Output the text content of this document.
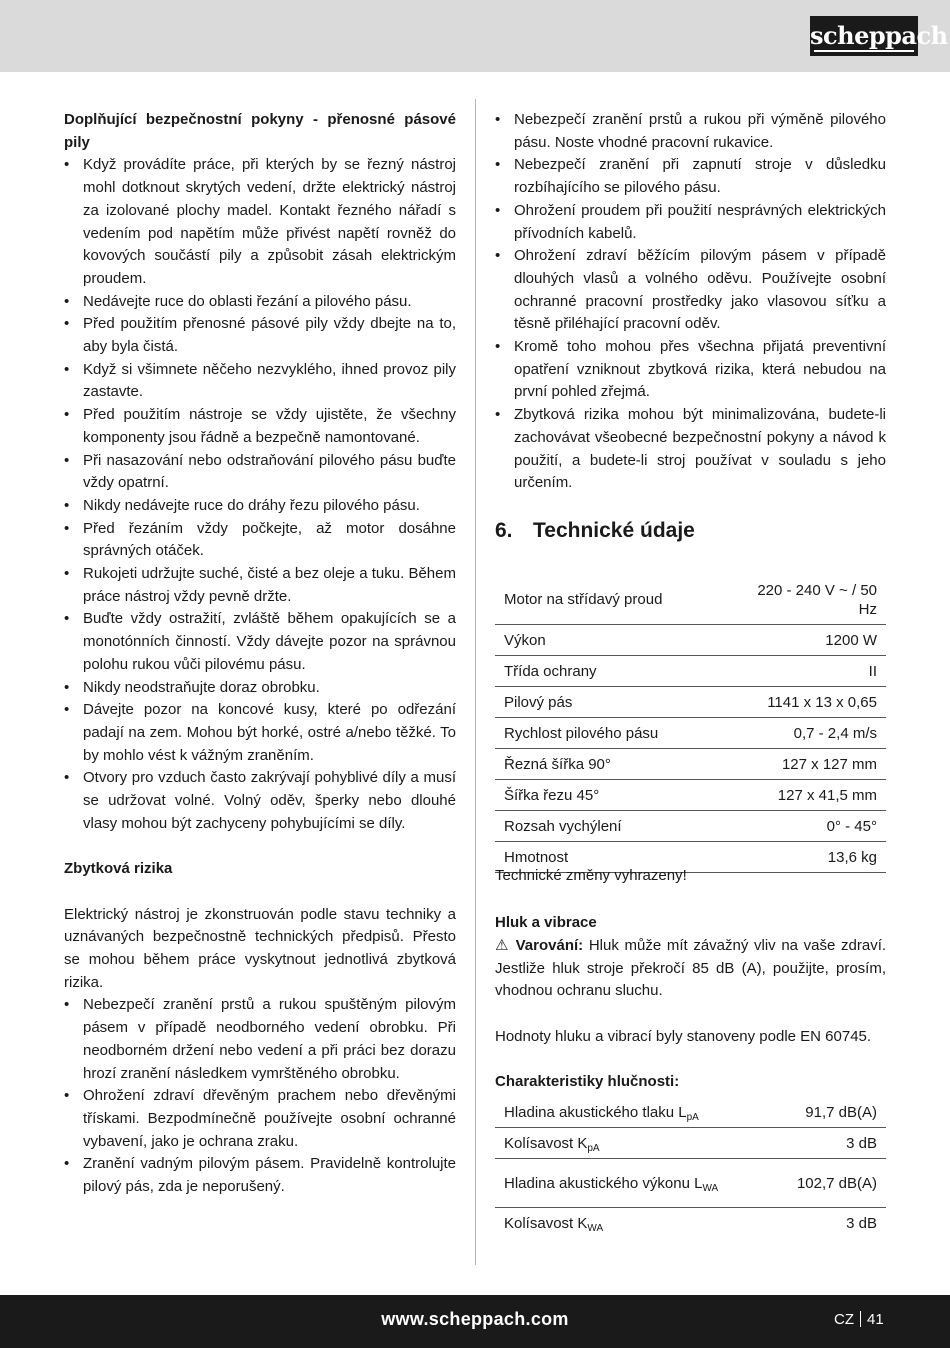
scheppach

Doplňující bezpečnostní pokyny - přenosné pásové pily

• Když provádíte práce, při kterých by se řezný nástroj mohl dotknout skrytých vedení, držte elektrický nástroj za izolované plochy madel. Kontakt řezného nářadí s vedením pod napětím může přivést napětí rovněž do kovových součástí pily a způsobit zásah elektrickým proudem.
• Nedávejte ruce do oblasti řezání a pilového pásu.
• Před použitím přenosné pásové pily vždy dbejte na to, aby byla čistá.
• Když si všimnete něčeho nezvyklého, ihned provoz pily zastavte.
• Před použitím nástroje se vždy ujistěte, že všechny komponenty jsou řádně a bezpečně namontované.
• Při nasazování nebo odstraňování pilového pásu buďte vždy opatrní.
• Nikdy nedávejte ruce do dráhy řezu pilového pásu.
• Před řezáním vždy počkejte, až motor dosáhne správných otáček.
• Rukojeti udržujte suché, čisté a bez oleje a tuku. Během práce nástroj vždy pevně držte.
• Buďte vždy ostražití, zvláště během opakujících se a monotónních činností. Vždy dávejte pozor na správnou polohu rukou vůči pilovému pásu.
• Nikdy neodstraňujte doraz obrobku.
• Dávejte pozor na koncové kusy, které po odřezání padají na zem. Mohou být horké, ostré a/nebo těžké. To by mohlo vést k vážným zraněním.
• Otvory pro vzduch často zakrývají pohyblivé díly a musí se udržovat volné. Volný oděv, šperky nebo dlouhé vlasy mohou být zachyceny pohybujícími se díly.

Zbytková rizika

Elektrický nástroj je zkonstruován podle stavu techniky a uznávaných bezpečnostně technických předpisů. Přesto se mohou během práce vyskytnout jednotlivá zbytková rizika.

• Nebezpečí zranění prstů a rukou spuštěným pilovým pásem v případě neodborného vedení obrobku. Při neodborném držení nebo vedení a při práci bez dorazu hrozí zranění následkem vymrštěného obrobku.
• Ohrožení zdraví dřevěným prachem nebo dřevěnými třískami. Bezpodmínečně používejte osobní ochranné vybavení, jako je ochrana zraku.
• Zranění vadným pilovým pásem. Pravidelně kontrolujte pilový pás, zda je neporušený.
• Nebezpečí zranění prstů a rukou při výměně pilového pásu. Noste vhodné pracovní rukavice.
• Nebezpečí zranění při zapnutí stroje v důsledku rozbíhajícího se pilového pásu.
• Ohrožení proudem při použití nesprávných elektrických přívodních kabelů.
• Ohrožení zdraví běžícím pilovým pásem v případě dlouhých vlasů a volného oděvu. Používejte osobní ochranné pracovní prostředky jako vlasovou síťku a těsně přiléhající pracovní oděv.
• Kromě toho mohou přes všechna přijatá preventivní opatření vzniknout zbytková rizika, která nebudou na první pohled zřejmá.
• Zbytková rizika mohou být minimalizována, budete-li zachovávat všeobecné bezpečnostní pokyny a návod k použití, a budete-li stroj používat v souladu s jeho určením.
6. Technické údaje
Motor na střídavý proud	220 - 240 V ~ / 50 Hz
Výkon	1200 W
Třída ochrany	II
Pilový pás	1141 x 13 x 0,65
Rychlost pilového pásu	0,7 - 2,4 m/s
Řezná šířka 90°	127 x 127 mm
Šířka řezu 45°	127 x 41,5 mm
Rozsah vychýlení	0° - 45°
Hmotnost	13,6 kg

Technické změny vyhrazeny!

Hluk a vibrace

⚠ Varování: Hluk může mít závažný vliv na vaše zdraví. Jestliže hluk stroje překročí 85 dB (A), použijte, prosím, vhodnou ochranu sluchu.

Hodnoty hluku a vibrací byly stanoveny podle EN 60745.

Charakteristiky hlučnosti:

Hladina akustického tlaku $L_{pA}$	91,7 dB(A)
Kolísavost $K_{pA}$	3 dB
Hladina akustického výkonu $L_{WA}$	102,7 dB(A)
Kolísavost $K_{WA}$	3 dB
www.scheppach.com	CZ 41
